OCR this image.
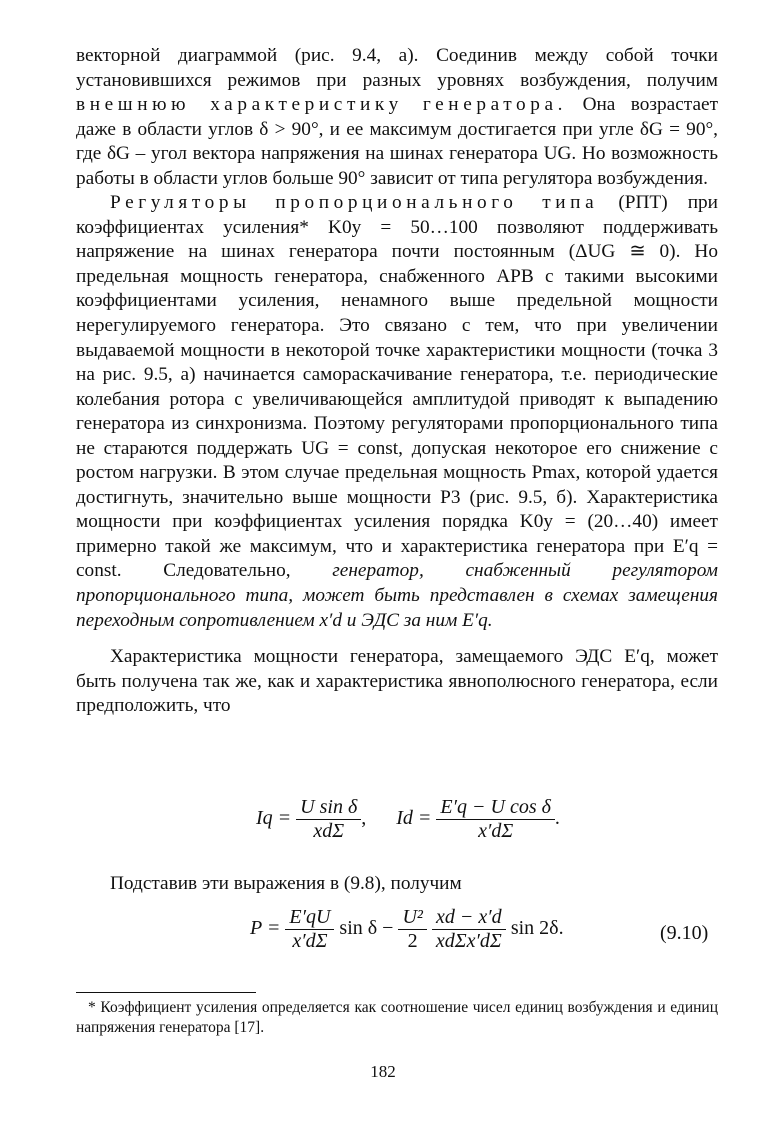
векторной диаграммой (рис. 9.4, а). Соединив между собой точки установившихся режимов при разных уровнях возбуждения, получим внешнюю характеристику генератора. Она возрастает даже в области углов δ > 90°, и ее максимум достигается при угле δG = 90°, где δG – угол вектора напряжения на шинах генератора UG. Но возможность работы в области углов больше 90° зависит от типа регулятора возбуждения.

Регуляторы пропорционального типа (РПТ) при коэффициентах усиления* K0у = 50…100 позволяют поддерживать напряжение на шинах генератора почти постоянным (ΔUG ≅ 0). Но предельная мощность генератора, снабженного АРВ с такими высокими коэффициентами усиления, ненамного выше предельной мощности нерегулируемого генератора. Это связано с тем, что при увеличении выдаваемой мощности в некоторой точке характеристики мощности (точка 3 на рис. 9.5, а) начинается самораскачивание генератора, т.е. периодические колебания ротора с увеличивающейся амплитудой приводят к выпадению генератора из синхронизма. Поэтому регуляторами пропорционального типа не стараются поддержать UG = const, допуская некоторое его снижение с ростом нагрузки. В этом случае предельная мощность Pmax, которой удается достигнуть, значительно выше мощности P3 (рис. 9.5, б). Характеристика мощности при коэффициентах усиления порядка K0у = (20…40) имеет примерно такой же максимум, что и характеристика генератора при E′q = const. Следовательно, генератор, снабженный регулятором пропорционального типа, может быть представлен в схемах замещения переходным сопротивлением x′d и ЭДС за ним E′q.

Характеристика мощности генератора, замещаемого ЭДС E′q, может быть получена так же, как и характеристика явнополюсного генератора, если предположить, что

$Iq = \frac{\text{U sin δ}}{\text{xdΣ}}$ , $Id = \frac{\text{E′q − U cos δ}}{x'd\Sigma}$ .

Подставив эти выражения в (9.8), получим

$P = \frac{E'qU}{x'd\Sigma}$ $\sin \delta - \frac{\text{U²}}{2}$
$\frac{xd - x'd}{\text{xdΣx′dΣ}}$ sin 2δ.	(9.10)
* Коэффициент усиления определяется как соотношение чисел единиц возбуждения и единиц напряжения генератора [17].
182
